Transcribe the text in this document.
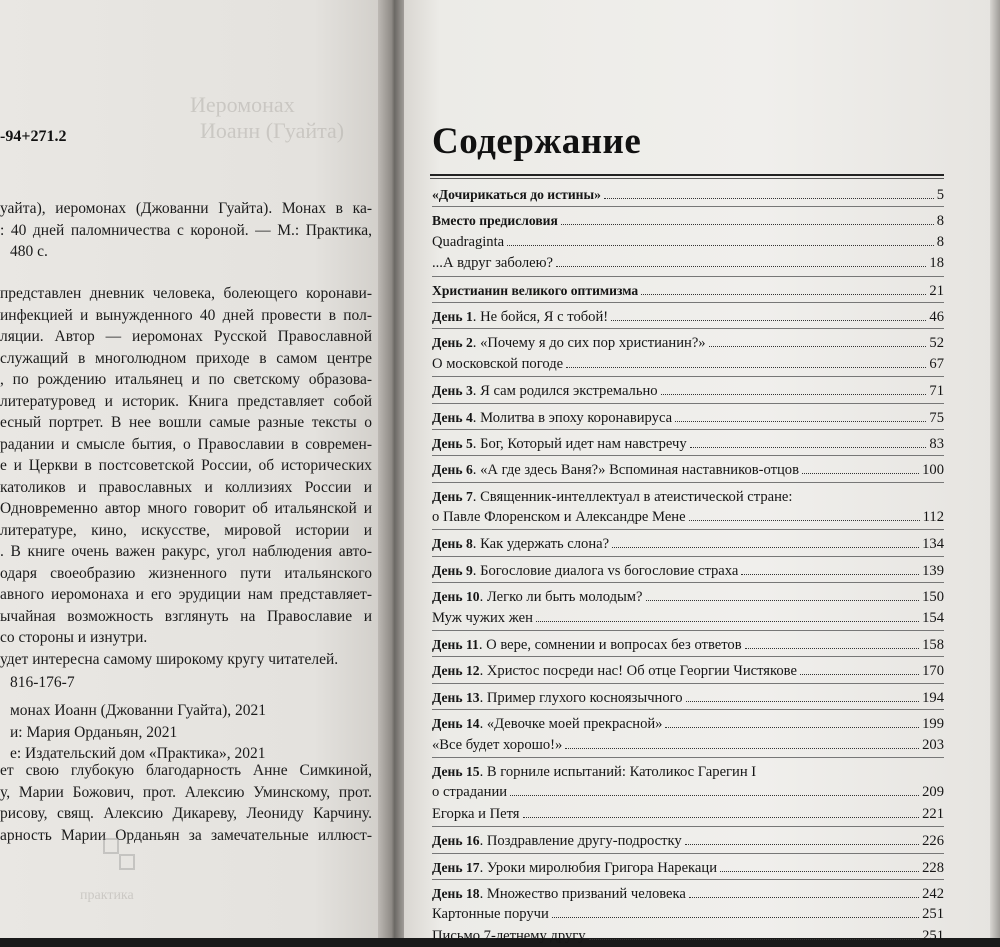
Иеромонах
Иоанн (Гуайта)
-94+271.2
уайта), иеромонах (Джованни Гуайта). Монах в ка-
: 40 дней паломничества с короной. — М.: Практика,
480 с.
представлен дневник человека, болеющего коронави-
инфекцией и вынужденного 40 дней провести в пол-
ляции. Автор — иеромонах Русской Православной
служащий в многолюдном приходе в самом центре
, по рождению итальянец и по светскому образова-
литературовед и историк. Книга представляет собой
есный портрет. В нее вошли самые разные тексты о
радании и смысле бытия, о Православии в современ-
е и Церкви в постсоветской России, об исторических
католиков и православных и коллизиях России и
Одновременно автор много говорит об итальянской и
литературе, кино, искусстве, мировой истории и
. В книге очень важен ракурс, угол наблюдения авто-
одаря своеобразию жизненного пути итальянского
авного иеромонаха и его эрудиции нам представляет-
ычайная возможность взглянуть на Православие и
со стороны и изнутри.
удет интересна самому широкому кругу читателей.
816-176-7
монах Иоанн (Джованни Гуайта), 2021
и: Мария Орданьян, 2021
е: Издательский дом «Практика», 2021
ет свою глубокую благодарность Анне Симкиной,
у, Марии Божович, прот. Алексию Уминскому, прот.
рисову, свящ. Алексию Дикареву, Леониду Карчину.
арность Марии Орданьян за замечательные иллюст-
практика
Содержание
«Дочирикаться до истины»	5
Вместо предисловия	8
Quadraginta	8
...А вдруг заболею?	18
Христианин великого оптимизма	21
День 1 . Не бойся, Я с тобой!	46
День 2 . «Почему я до сих пор христианин?»	52
О московской погоде	67
День 3 . Я сам родился экстремально	71
День 4 . Молитва в эпоху коронавируса	75
День 5 . Бог, Который идет нам навстречу	83
День 6 . «А где здесь Ваня?» Вспоминая наставников-отцов	100
День 7 . Священник-интеллектуал в атеистической стране:
о Павле Флоренском и Александре Мене	112
День 8 . Как удержать слона?	134
День 9 . Богословие диалога vs богословие страха	139
День 10 . Легко ли быть молодым?	150
Муж чужих жен	154
День 11 . О вере, сомнении и вопросах без ответов	158
День 12 . Христос посреди нас! Об отце Георгии Чистякове	170
День 13 . Пример глухого косноязычного	194
День 14 . «Девочке моей прекрасной»	199
«Все будет хорошо!»	203
День 15 . В горниле испытаний: Католикос Гарегин I
о страдании	209
Егорка и Петя	221
День 16 . Поздравление другу-подростку	226
День 17 . Уроки миролюбия Григора Нарекаци	228
День 18 . Множество призваний человека	242
Картонные поручи	251
Письмо 7-летнему другу	251
